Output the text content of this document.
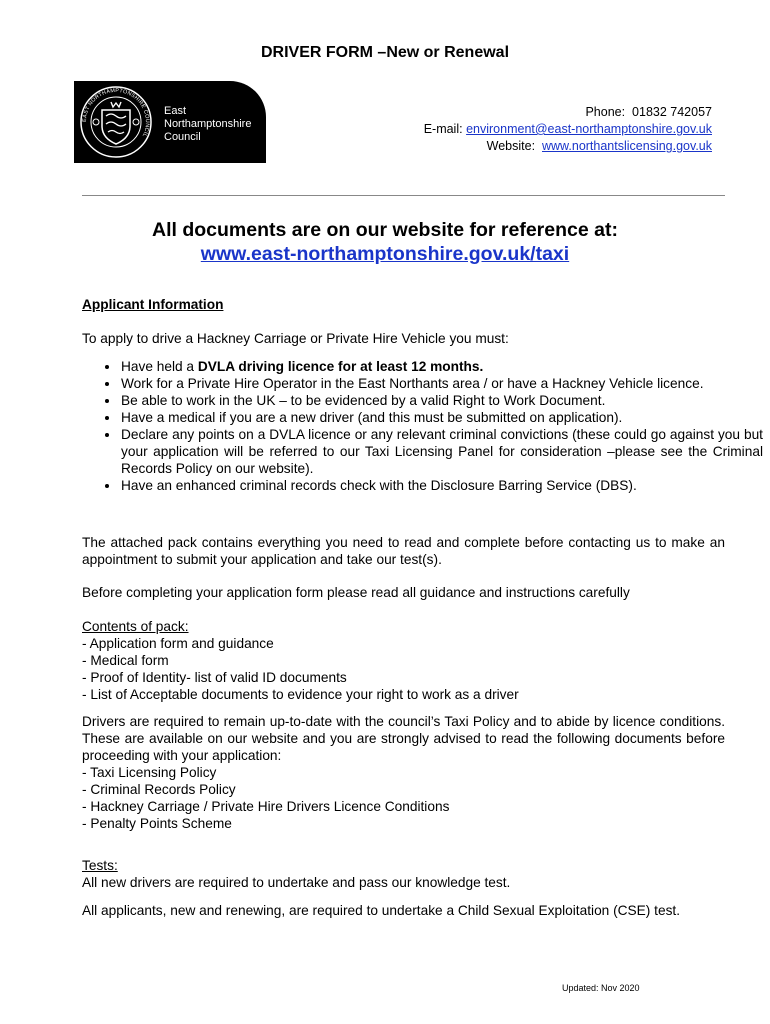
DRIVER FORM –New or Renewal
EAST NORTHAMPTONSHIRE COUNCIL
East
Northamptonshire
Council
Phone: 01832 742057
E-mail: environment@east-northamptonshire.gov.uk
Website: www.northantslicensing.gov.uk
All documents are on our website for reference at:
www.east-northamptonshire.gov.uk/taxi
Applicant Information
To apply to drive a Hackney Carriage or Private Hire Vehicle you must:
• Have held a DVLA driving licence for at least 12 months.
• Work for a Private Hire Operator in the East Northants area / or have a Hackney Vehicle licence.
• Be able to work in the UK – to be evidenced by a valid Right to Work Document.
• Have a medical if you are a new driver (and this must be submitted on application).
• Declare any points on a DVLA licence or any relevant criminal convictions (these could go against you but your application will be referred to our Taxi Licensing Panel for consideration –please see the Criminal Records Policy on our website).
• Have an enhanced criminal records check with the Disclosure Barring Service (DBS).
The attached pack contains everything you need to read and complete before contacting us to make an appointment to submit your application and take our test(s).
Before completing your application form please read all guidance and instructions carefully
Contents of pack:
- Application form and guidance
- Medical form
- Proof of Identity- list of valid ID documents
- List of Acceptable documents to evidence your right to work as a driver
Drivers are required to remain up-to-date with the council’s Taxi Policy and to abide by licence conditions. These are available on our website and you are strongly advised to read the following documents before proceeding with your application:
- Taxi Licensing Policy
- Criminal Records Policy
- Hackney Carriage / Private Hire Drivers Licence Conditions
- Penalty Points Scheme
Tests:
All new drivers are required to undertake and pass our knowledge test.
All applicants, new and renewing, are required to undertake a Child Sexual Exploitation (CSE) test.
Updated: Nov 2020
